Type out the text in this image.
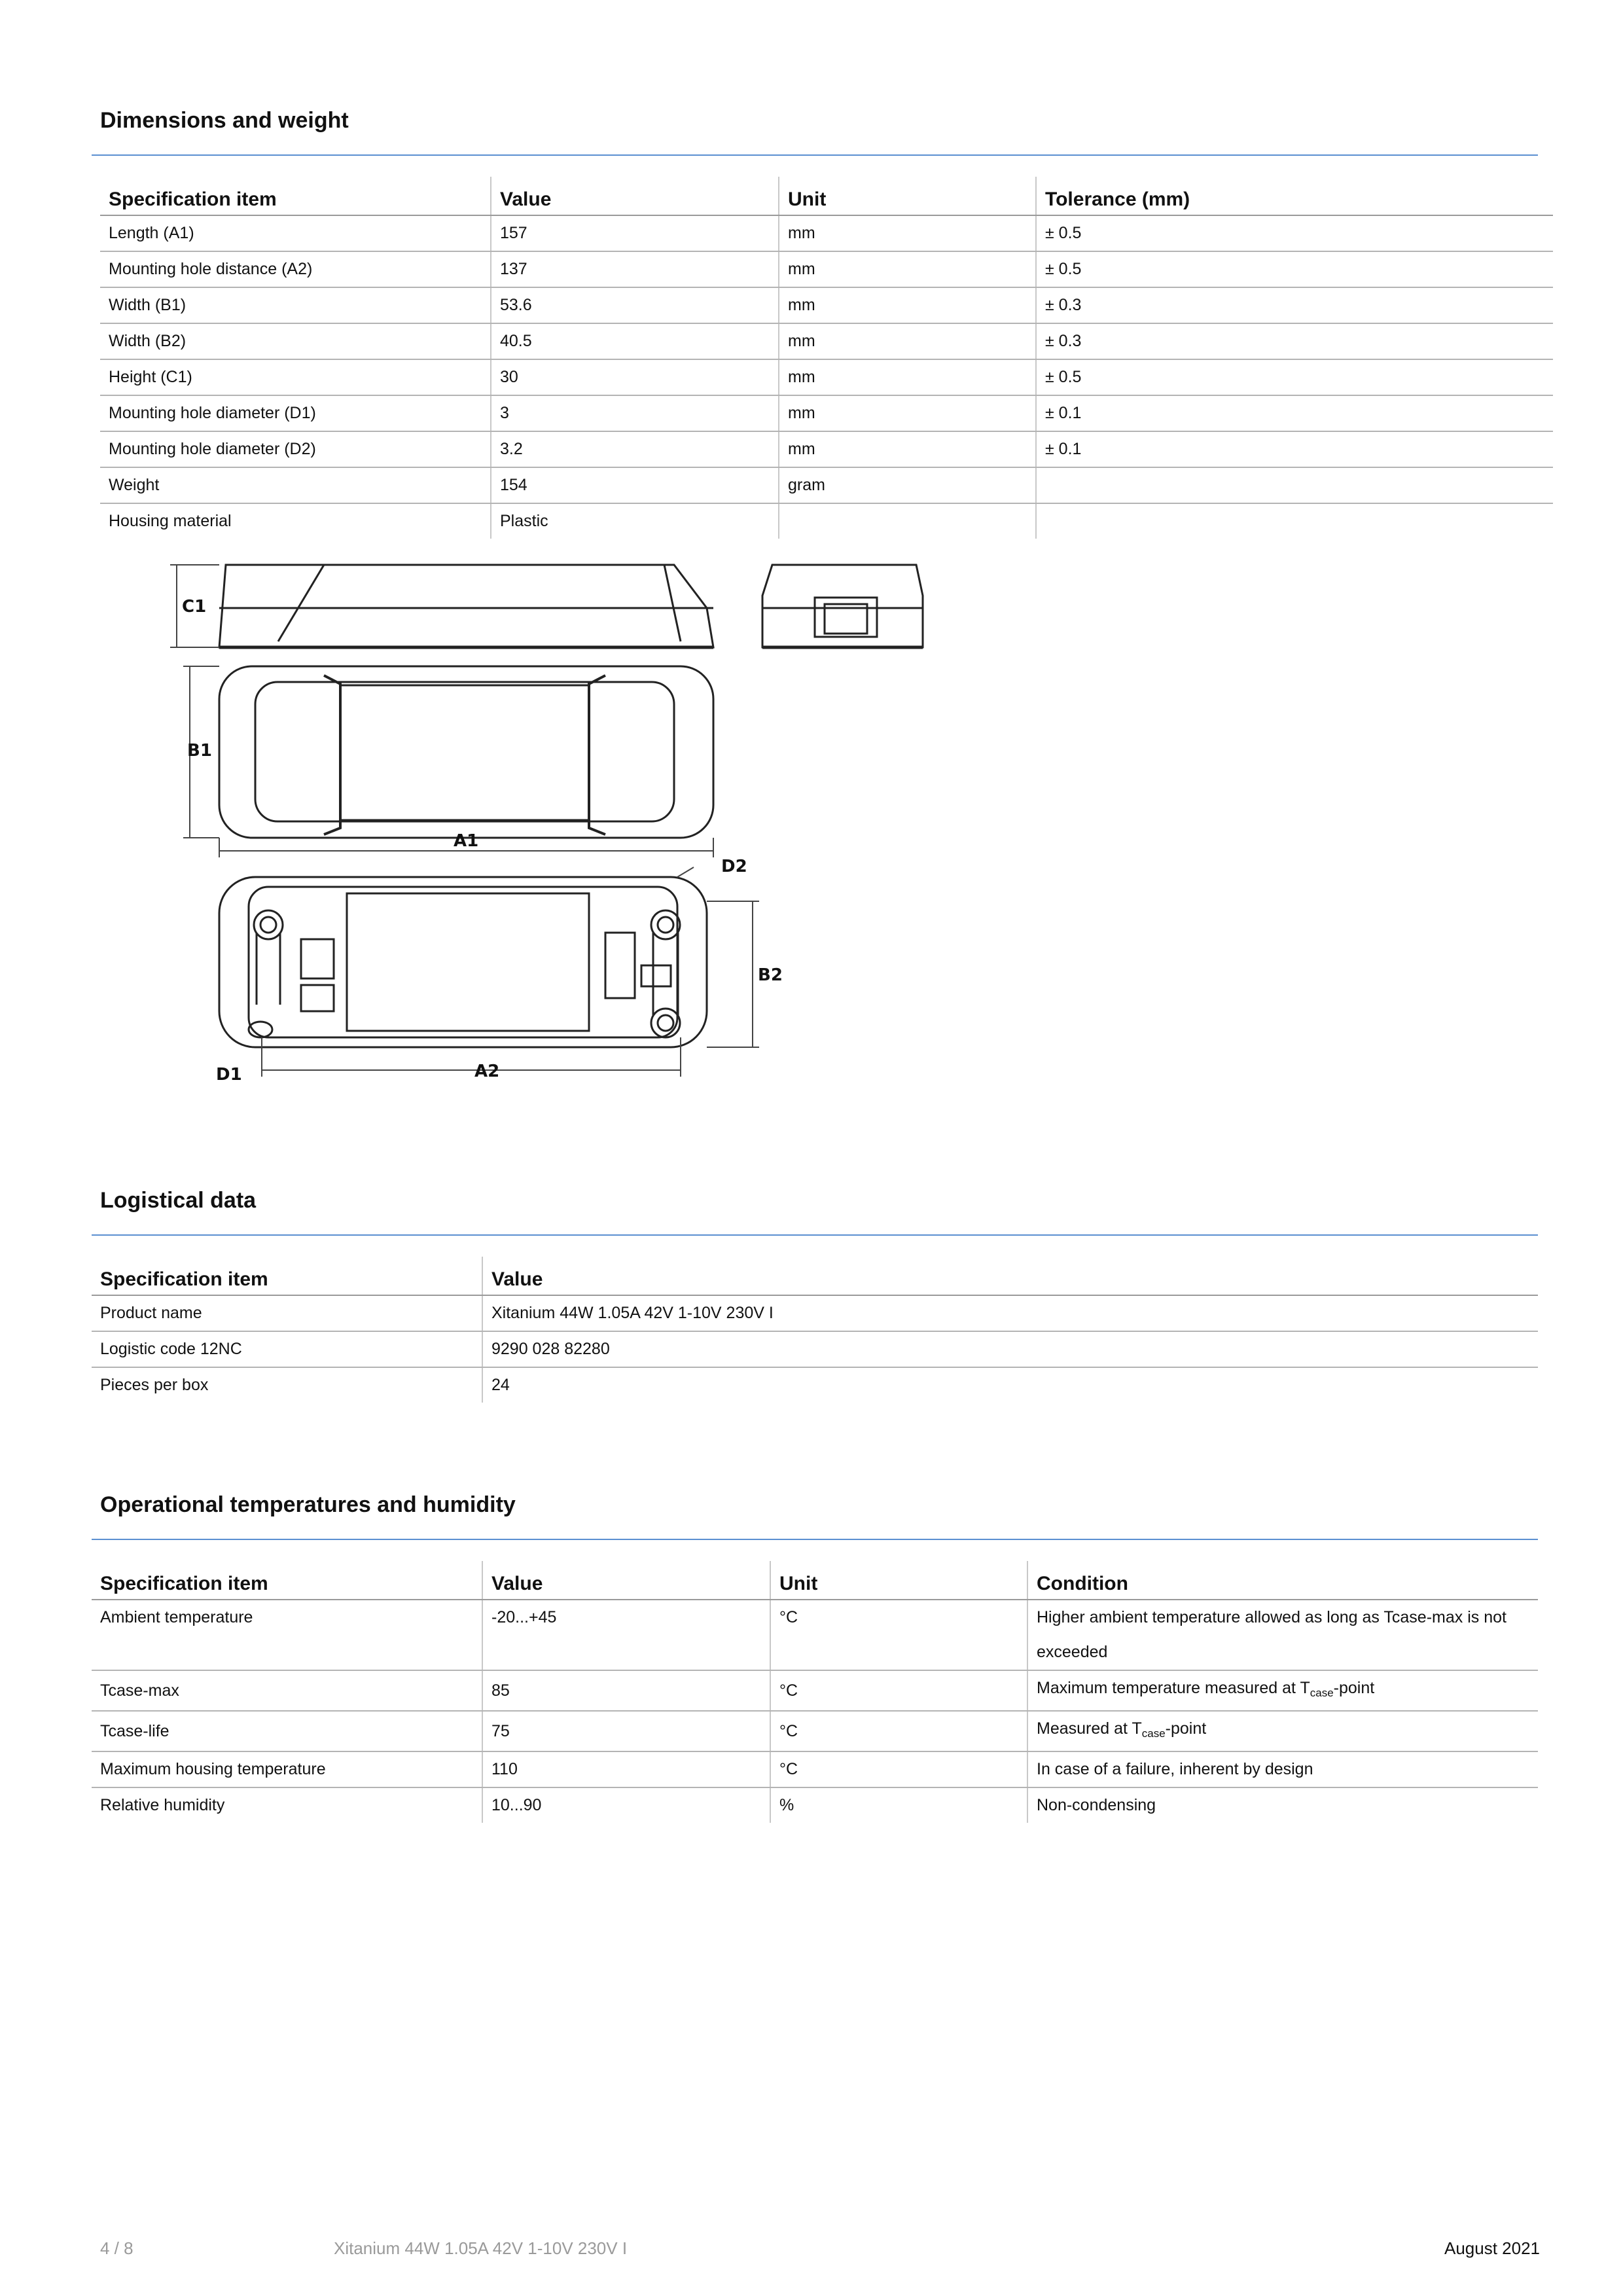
Dimensions and weight
Specification item	Value	Unit	Tolerance (mm)
Length (A1)	157	mm	± 0.5
Mounting hole distance (A2)	137	mm	± 0.5
Width (B1)	53.6	mm	± 0.3
Width (B2)	40.5	mm	± 0.3
Height (C1)	30	mm	± 0.5
Mounting hole diameter (D1)	3	mm	± 0.1
Mounting hole diameter (D2)	3.2	mm	± 0.1
Weight	154	gram	
Housing material	Plastic		
C1
B1
A1
D2
B2
D1	A2
Logistical data
Specification item	Value
Product name	Xitanium 44W 1.05A 42V 1-10V 230V I
Logistic code 12NC	9290 028 82280
Pieces per box	24
Operational temperatures and humidity
Specification item	Value	Unit	Condition
Ambient temperature	-20...+45	°C	Higher ambient temperature allowed as long as Tcase-max is not exceeded
Tcase-max	85	°C	Maximum temperature measured at $T_{case}$-point
Tcase-life	75	°C	Measured at $T_{case}$-point
Maximum housing temperature	110	°C	In case of a failure, inherent by design
Relative humidity	10...90	%	Non-condensing
4 / 8	Xitanium 44W 1.05A 42V 1-10V 230V I	August 2021
